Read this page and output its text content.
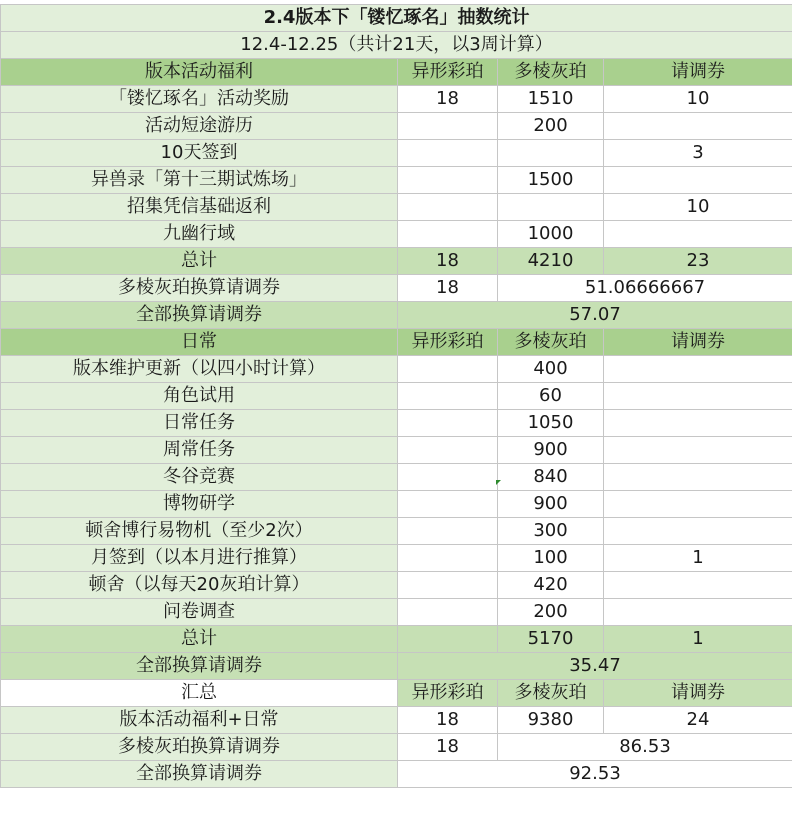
2.4版本下「镂忆琢名」抽数统计			
12.4-12.25（共计21天，以3周计算）			
版本活动福利	异形彩珀	多棱灰珀	请调券
「镂忆琢名」活动奖励	18	1510	10
活动短途游历		200	
10天签到			3
异兽录「第十三期试炼场」		1500	
招集凭信基础返利			10
九幽行域		1000	
总计	18	4210	23
多棱灰珀换算请调券	18	51.06666667	
全部换算请调券	57.07		
日常	异形彩珀	多棱灰珀	请调券
版本维护更新（以四小时计算）		400	
角色试用		60	
日常任务		1050	
周常任务		900	
冬谷竞赛		840	
博物研学		900	
顿舍博行易物机（至少2次）		300	
月签到（以本月进行推算）		100	1
顿舍（以每天20灰珀计算）		420	
问卷调查		200	
总计		5170	1
全部换算请调券	35.47		
汇总	异形彩珀	多棱灰珀	请调券
版本活动福利+日常	18	9380	24
多棱灰珀换算请调券	18	86.53	
全部换算请调券	92.53		
